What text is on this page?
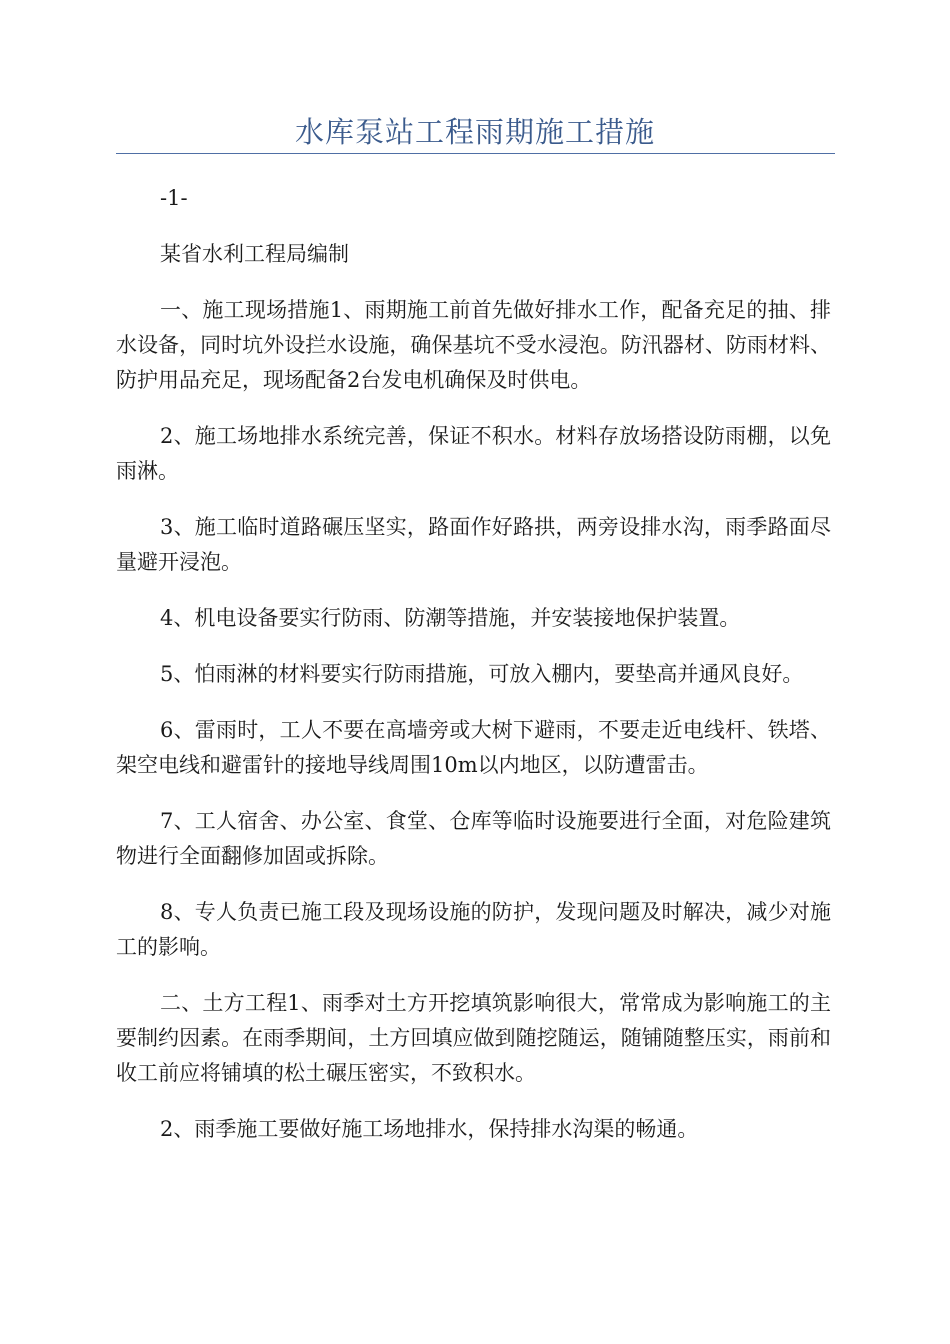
水库泵站工程雨期施工措施

-1-

某省水利工程局编制

一、施工现场措施1、雨期施工前首先做好排水工作，配备充足的抽、排水设备，同时坑外设拦水设施，确保基坑不受水浸泡。防汛器材、防雨材料、防护用品充足，现场配备2台发电机确保及时供电。

2、施工场地排水系统完善，保证不积水。材料存放场搭设防雨棚，以免雨淋。

3、施工临时道路碾压坚实，路面作好路拱，两旁设排水沟，雨季路面尽量避开浸泡。

4、机电设备要实行防雨、防潮等措施，并安装接地保护装置。

5、怕雨淋的材料要实行防雨措施，可放入棚内，要垫高并通风良好。

6、雷雨时，工人不要在高墙旁或大树下避雨，不要走近电线杆、铁塔、架空电线和避雷针的接地导线周围10m以内地区，以防遭雷击。

7、工人宿舍、办公室、食堂、仓库等临时设施要进行全面，对危险建筑物进行全面翻修加固或拆除。

8、专人负责已施工段及现场设施的防护，发现问题及时解决，减少对施工的影响。

二、土方工程1、雨季对土方开挖填筑影响很大，常常成为影响施工的主要制约因素。在雨季期间，土方回填应做到随挖随运，随铺随整压实，雨前和收工前应将铺填的松土碾压密实，不致积水。

2、雨季施工要做好施工场地排水，保持排水沟渠的畅通。
